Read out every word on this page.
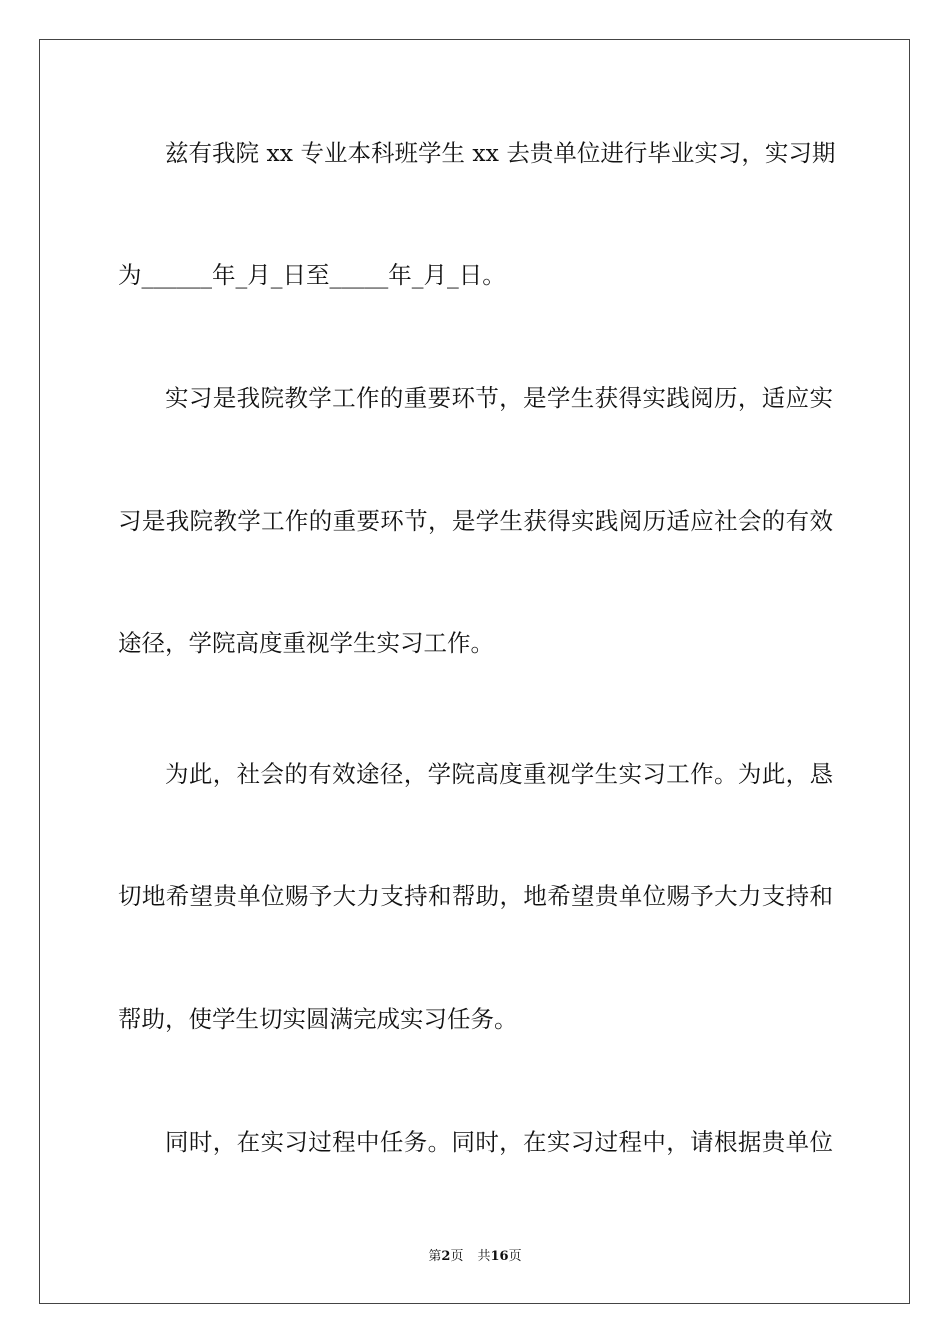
兹有我院 xx 专业本科班学生 xx 去贵单位进行毕业实习，实习期
为______年_月_日至_____年_月_日。
实习是我院教学工作的重要环节，是学生获得实践阅历，适应实
习是我院教学工作的重要环节，是学生获得实践阅历适应社会的有效
途径，学院高度重视学生实习工作。
为此，社会的有效途径，学院高度重视学生实习工作。为此，恳
切地希望贵单位赐予大力支持和帮助，地希望贵单位赐予大力支持和
帮助，使学生切实圆满完成实习任务。
同时，在实习过程中任务。同时，在实习过程中，请根据贵单位
第2页 共16页
